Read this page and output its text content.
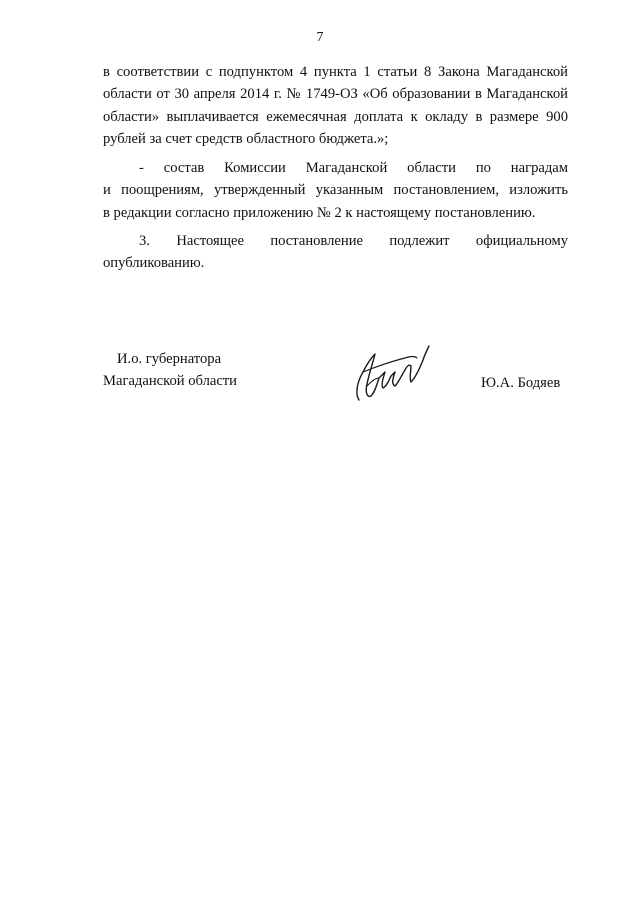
7

в соответствии с подпунктом 4 пункта 1 статьи 8 Закона Магаданской
области от 30 апреля 2014 г. № 1749-ОЗ «Об образовании в Магаданской
области» выплачивается ежемесячная доплата к окладу в размере 900
рублей за счет средств областного бюджета.»;

- состав Комиссии Магаданской области по наградам
и поощрениям, утвержденный указанным постановлением, изложить
в редакции согласно приложению № 2 к настоящему постановлению.

3. Настоящее постановление подлежит официальному
опубликованию.

И.о. губернатора
Магаданской области	Ю.А. Бодяев
